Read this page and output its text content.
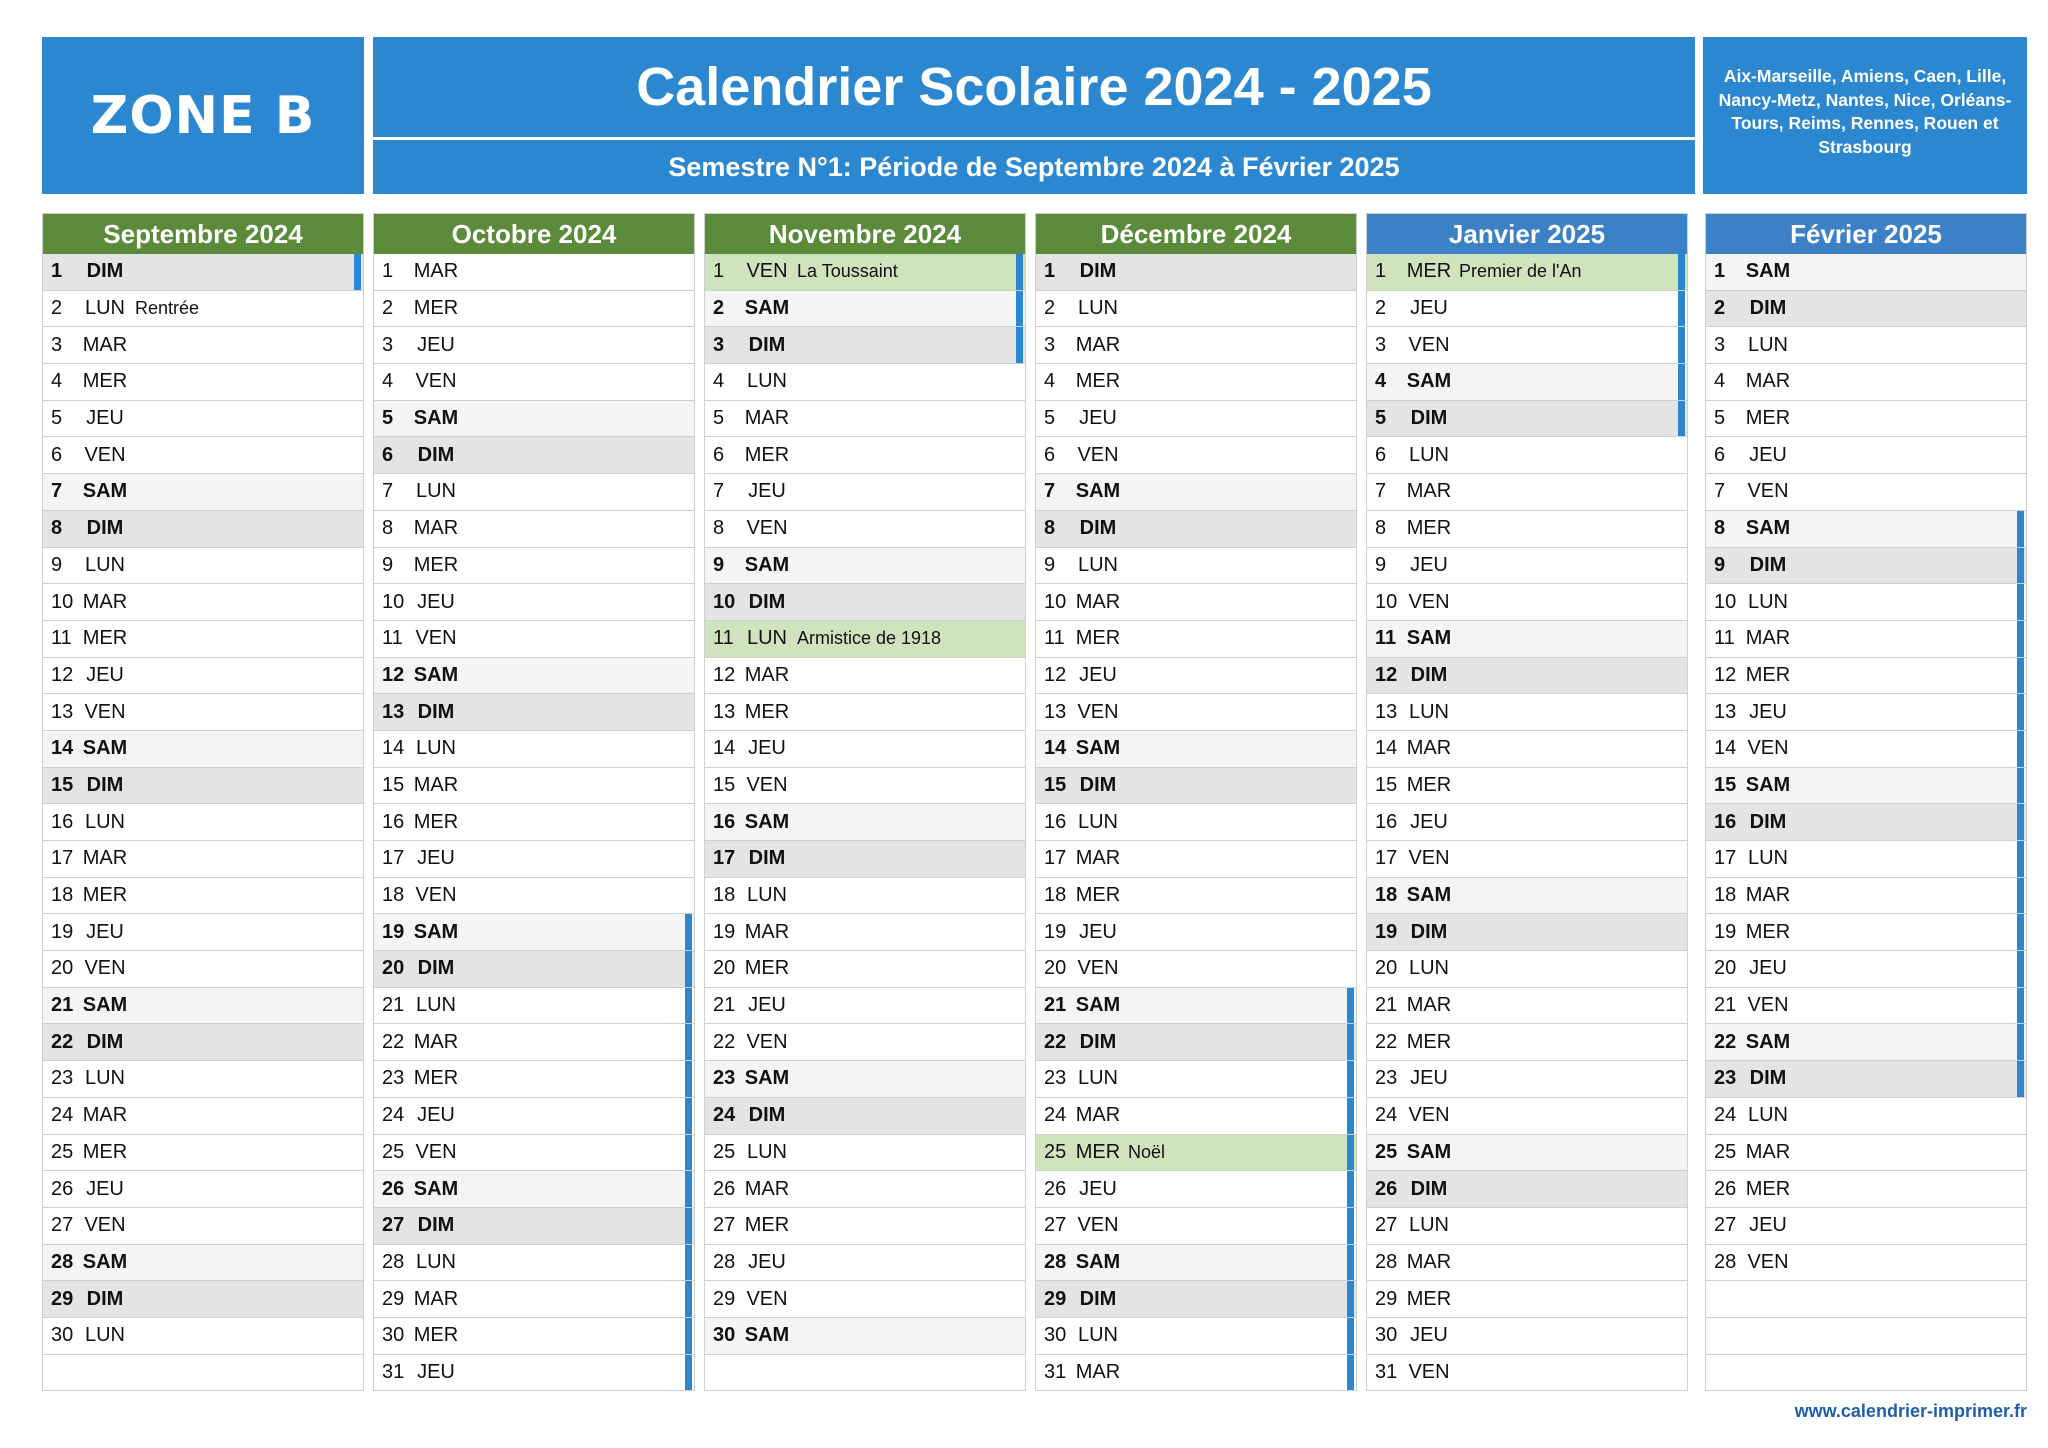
ZONE B	Calendrier Scolaire 2024 - 2025
Semestre N°1: Période de Septembre 2024 à Février 2025
Aix-Marseille, Amiens, Caen, Lille, Nancy-Metz, Nantes, Nice, Orléans-Tours, Reims, Rennes, Rouen et Strasbourg
Septembre 2024
1	DIM
2	LUN Rentrée
3	MAR
4	MER
5	JEU
6	VEN
7	SAM
8	DIM
9	LUN
10 MAR
11 MER
12 JEU
13 VEN
14 SAM
15 DIM
16 LUN
17 MAR
18 MER
19 JEU
20 VEN
21 SAM
22 DIM
23 LUN
24 MAR
25 MER
26 JEU
27 VEN
28 SAM
29 DIM
30 LUN
Octobre 2024
1	MAR
2	MER
3	JEU
4	VEN
5	SAM
6	DIM
7	LUN
8	MAR
9	MER
10 JEU
11 VEN
12 SAM
13 DIM
14 LUN
15 MAR
16 MER
17 JEU
18 VEN
19 SAM
20 DIM
21 LUN
22 MAR
23 MER
24 JEU
25 VEN
26 SAM
27 DIM
28 LUN
29 MAR
30 MER
31 JEU
Novembre 2024
1	VEN La Toussaint
2	SAM
3	DIM
4	LUN
5	MAR
6	MER
7	JEU
8	VEN
9	SAM
10 DIM
11 LUN Armistice de 1918
12 MAR
13 MER
14 JEU
15 VEN
16 SAM
17 DIM
18 LUN
19 MAR
20 MER
21 JEU
22 VEN
23 SAM
24 DIM
25 LUN
26 MAR
27 MER
28 JEU
29 VEN
30 SAM
Décembre 2024
1	DIM
2	LUN
3	MAR
4	MER
5	JEU
6	VEN
7	SAM
8	DIM
9	LUN
10 MAR
11 MER
12 JEU
13 VEN
14 SAM
15 DIM
16 LUN
17 MAR
18 MER
19 JEU
20 VEN
21 SAM
22 DIM
23 LUN
24 MAR
25 MER Noël
26 JEU
27 VEN
28 SAM
29 DIM
30 LUN
31 MAR
Janvier 2025
1	MER Premier de l'An
2	JEU
3	VEN
4	SAM
5	DIM
6	LUN
7	MAR
8	MER
9	JEU
10 VEN
11 SAM
12 DIM
13 LUN
14 MAR
15 MER
16 JEU
17 VEN
18 SAM
19 DIM
20 LUN
21 MAR
22 MER
23 JEU
24 VEN
25 SAM
26 DIM
27 LUN
28 MAR
29 MER
30 JEU
31 VEN
Février 2025
1	SAM
2	DIM
3	LUN
4	MAR
5	MER
6	JEU
7	VEN
8	SAM
9	DIM
10 LUN
11 MAR
12 MER
13 JEU
14 VEN
15 SAM
16 DIM
17 LUN
18 MAR
19 MER
20 JEU
21 VEN
22 SAM
23 DIM
24 LUN
25 MAR
26 MER
27 JEU
28 VEN
www.calendrier-imprimer.fr
